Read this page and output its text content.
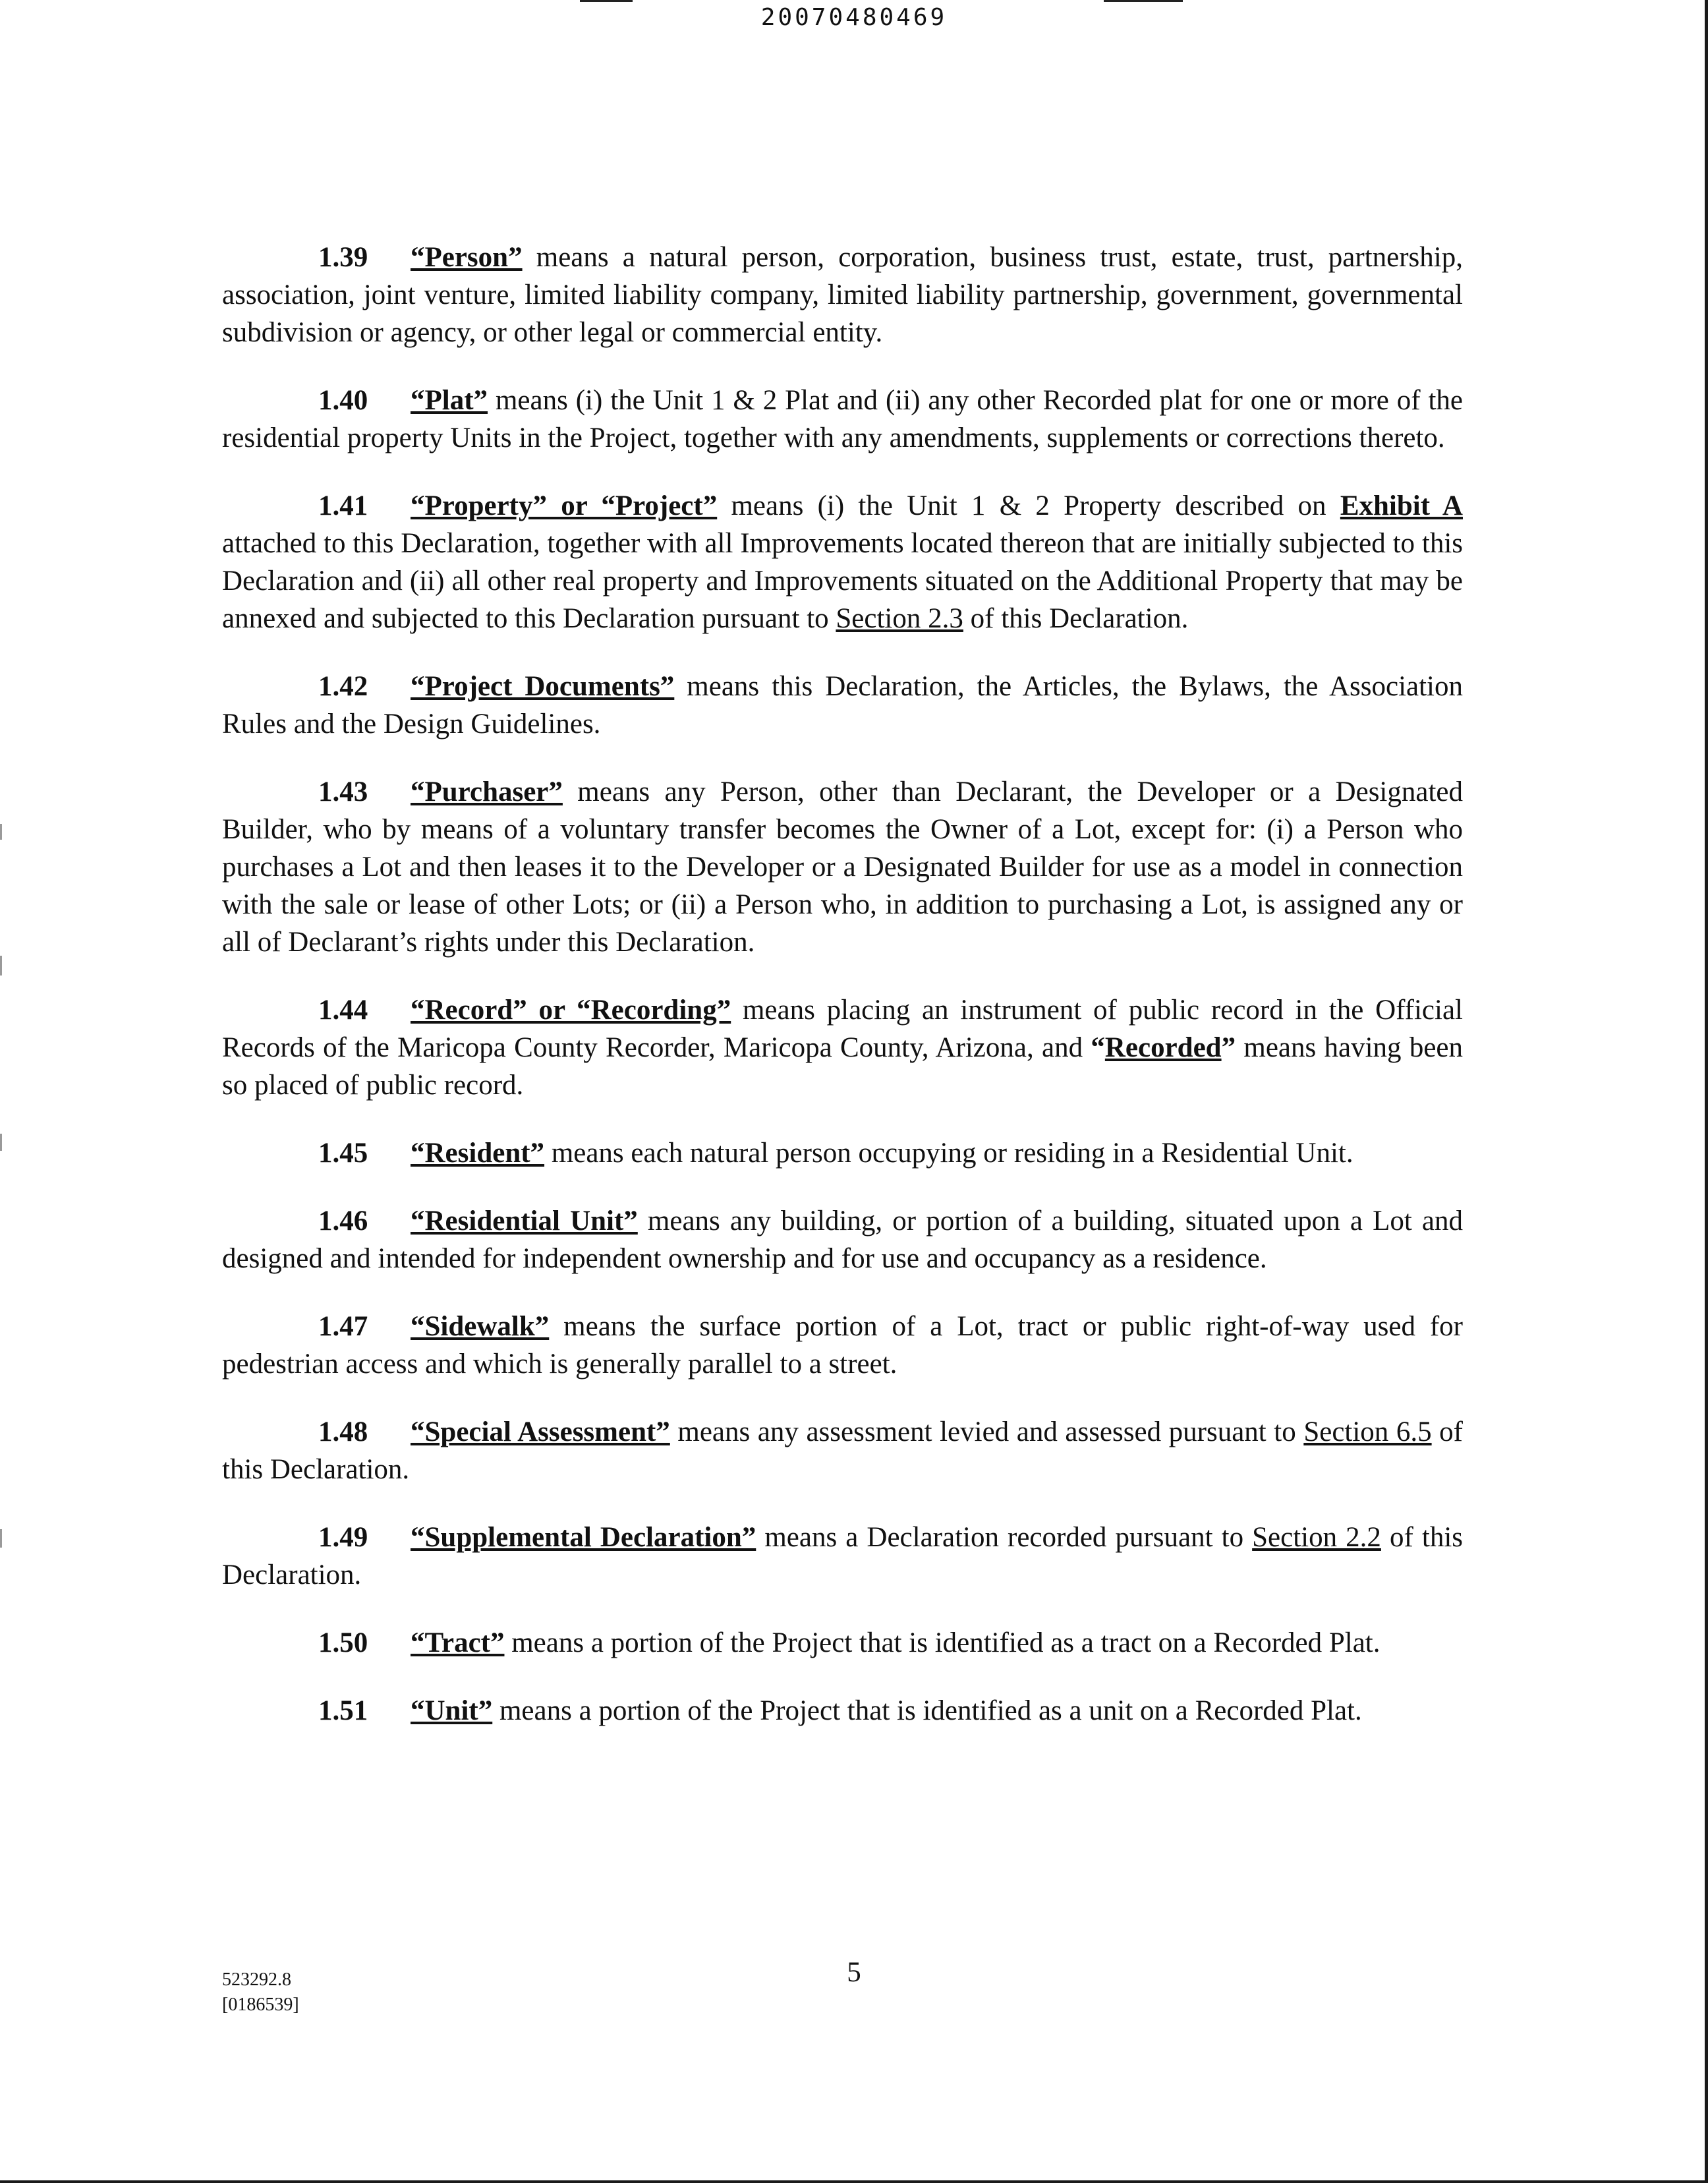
20070480469

1.39 “Person” means a natural person, corporation, business trust, estate, trust, partnership, association, joint venture, limited liability company, limited liability partnership, government, governmental subdivision or agency, or other legal or commercial entity.

1.40 “Plat” means (i) the Unit 1 & 2 Plat and (ii) any other Recorded plat for one or more of the residential property Units in the Project, together with any amendments, supplements or corrections thereto.

1.41 “Property” or “Project” means (i) the Unit 1 & 2 Property described on Exhibit A attached to this Declaration, together with all Improvements located thereon that are initially subjected to this Declaration and (ii) all other real property and Improvements situated on the Additional Property that may be annexed and subjected to this Declaration pursuant to Section 2.3 of this Declaration.

1.42 “Project Documents” means this Declaration, the Articles, the Bylaws, the Association Rules and the Design Guidelines.

1.43 “Purchaser” means any Person, other than Declarant, the Developer or a Designated Builder, who by means of a voluntary transfer becomes the Owner of a Lot, except for: (i) a Person who purchases a Lot and then leases it to the Developer or a Designated Builder for use as a model in connection with the sale or lease of other Lots; or (ii) a Person who, in addition to purchasing a Lot, is assigned any or all of Declarant’s rights under this Declaration.

1.44 “Record” or “Recording” means placing an instrument of public record in the Official Records of the Maricopa County Recorder, Maricopa County, Arizona, and “Recorded” means having been so placed of public record.

1.45 “Resident” means each natural person occupying or residing in a Residential Unit.

1.46 “Residential Unit” means any building, or portion of a building, situated upon a Lot and designed and intended for independent ownership and for use and occupancy as a residence.

1.47 “Sidewalk” means the surface portion of a Lot, tract or public right-of-way used for pedestrian access and which is generally parallel to a street.

1.48 “Special Assessment” means any assessment levied and assessed pursuant to Section 6.5 of this Declaration.

1.49 “Supplemental Declaration” means a Declaration recorded pursuant to Section 2.2 of this Declaration.

1.50 “Tract” means a portion of the Project that is identified as a tract on a Recorded Plat.

1.51 “Unit” means a portion of the Project that is identified as a unit on a Recorded Plat.

523292.8
[0186539]
5
